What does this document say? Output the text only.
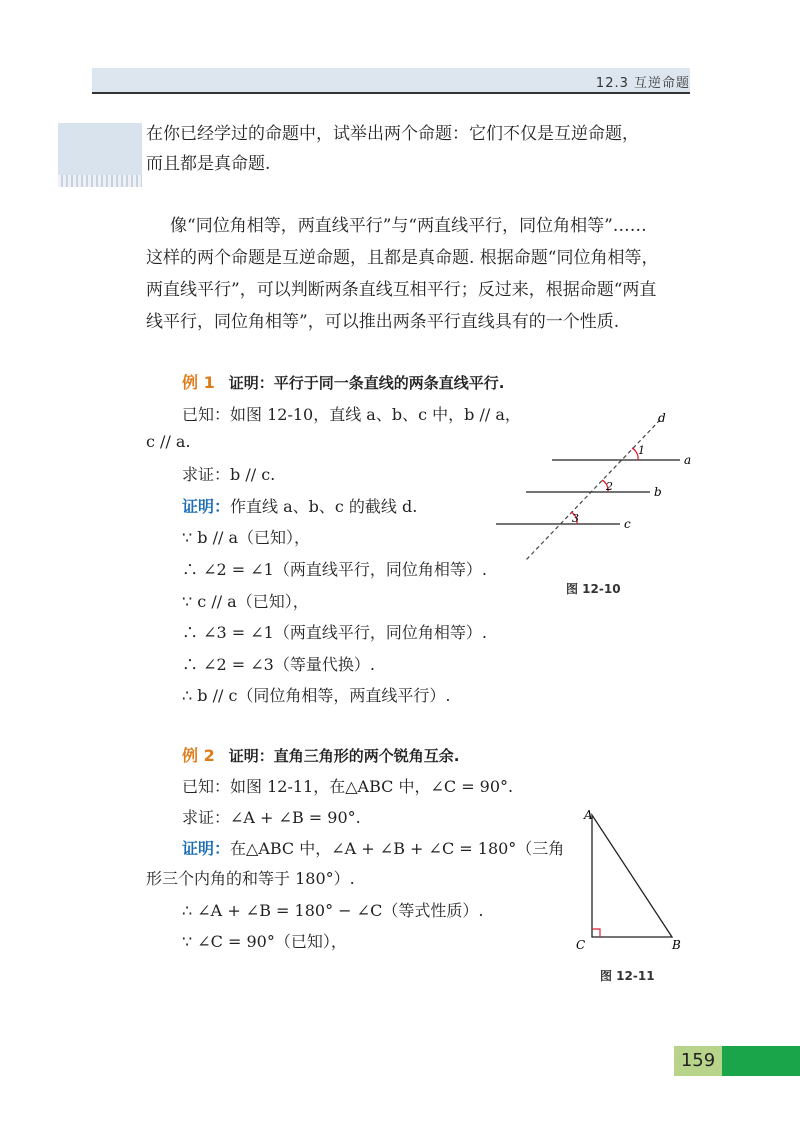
12.3 互逆命题

在你已经学过的命题中，试举出两个命题：它们不仅是互逆命题，

而且都是真命题.

像“同位角相等，两直线平行”与“两直线平行，同位角相等”……

这样的两个命题是互逆命题，且都是真命题. 根据命题“同位角相等，

两直线平行”，可以判断两条直线互相平行；反过来，根据命题“两直

线平行，同位角相等”，可以推出两条平行直线具有的一个性质.

例 1 证明：平行于同一条直线的两条直线平行.
已知：如图 12-10，直线 a、b、c 中，b // a，
c // a.
求证：b // c.
证明：作直线 a、b、c 的截线 d.
∵ b // a（已知），
∴ ∠2 = ∠1（两直线平行，同位角相等）.
∵ c // a（已知），
∴ ∠3 = ∠1（两直线平行，同位角相等）.
∴ ∠2 = ∠3（等量代换）.
∴ b // c（同位角相等，两直线平行）.
1
2
3
a
b
c
d
图 12-10
例 2 证明：直角三角形的两个锐角互余.
已知：如图 12-11，在△ABC 中，∠C = 90°.
求证：∠A + ∠B = 90°.
证明：在△ABC 中，∠A + ∠B + ∠C = 180°（三角
形三个内角的和等于 180°）.
∴ ∠A + ∠B = 180° − ∠C（等式性质）.
∵ ∠C = 90°（已知），
A
C	B
图 12-11
159
